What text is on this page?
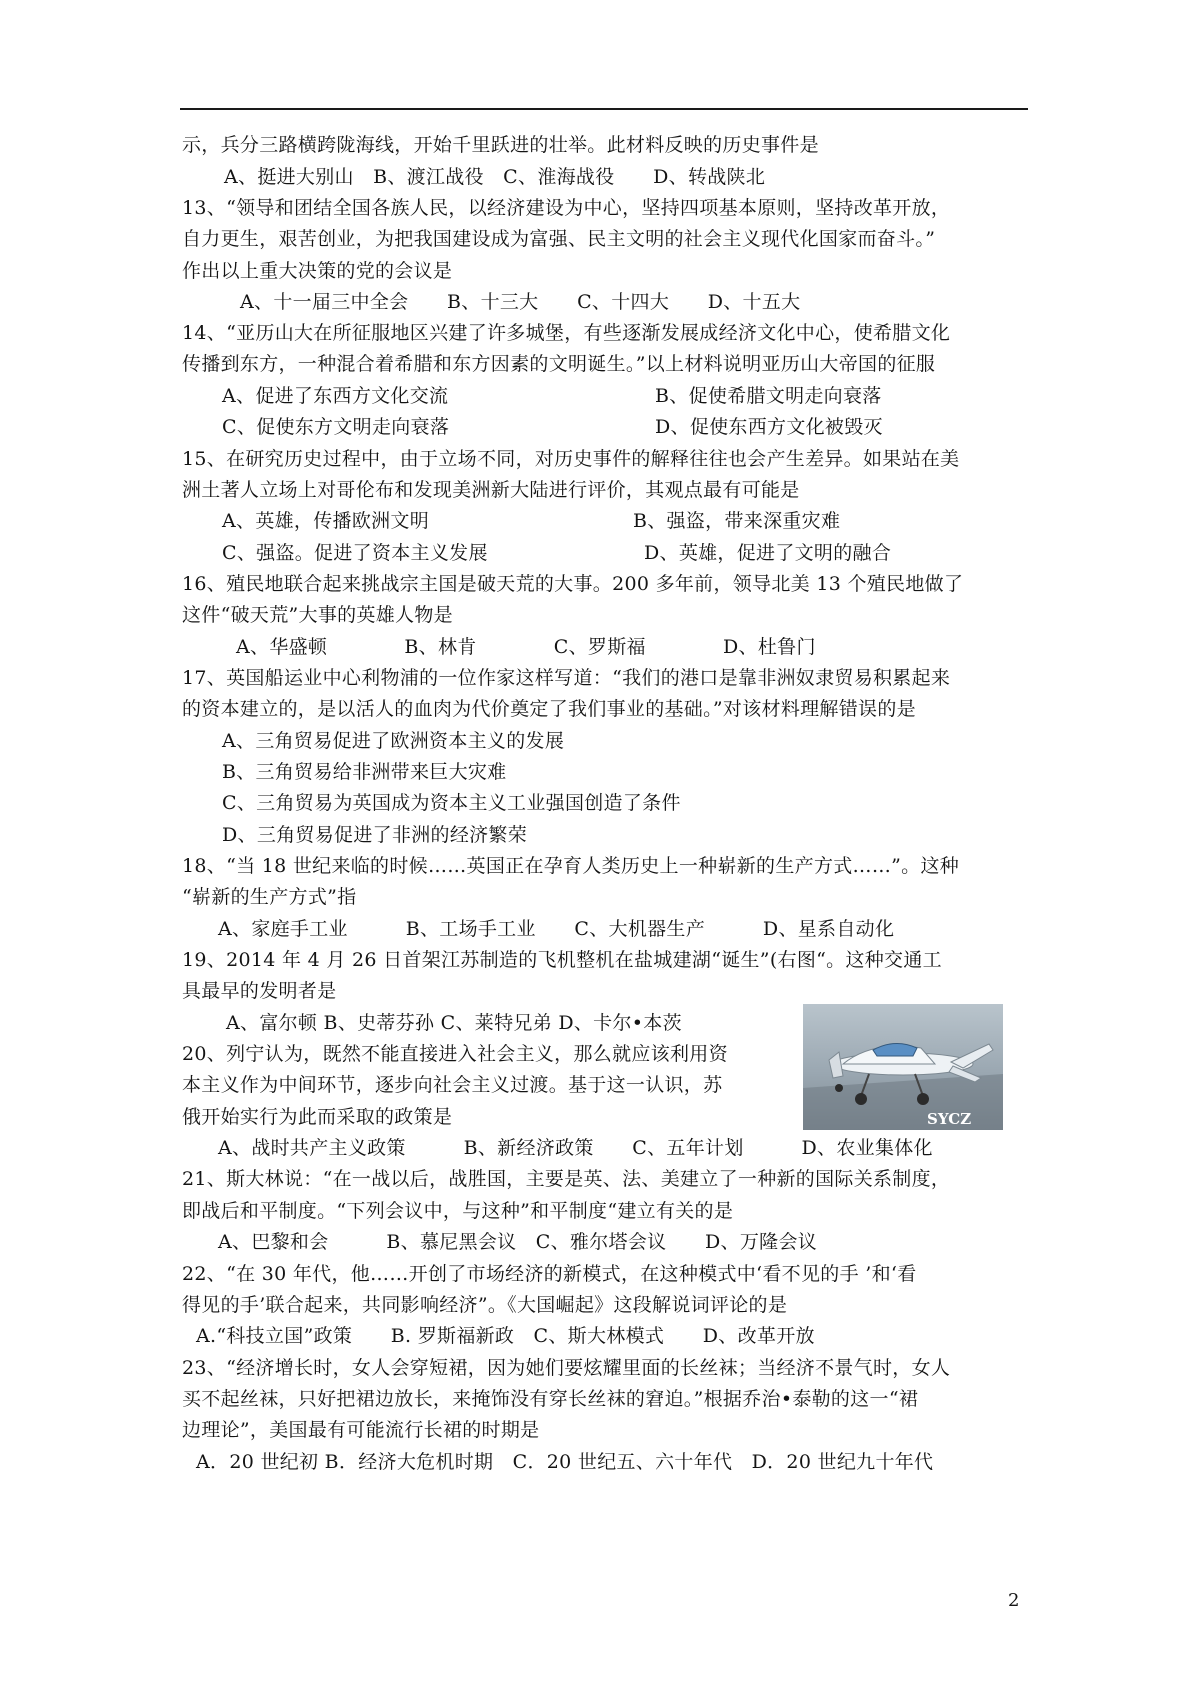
示，兵分三路横跨陇海线，开始千里跃进的壮举。此材料反映的历史事件是
A、挺进大别山　B、渡江战役　C、淮海战役　　D、转战陕北
13、“领导和团结全国各族人民，以经济建设为中心，坚持四项基本原则，坚持改革开放，
自力更生，艰苦创业，为把我国建设成为富强、民主文明的社会主义现代化国家而奋斗。”
作出以上重大决策的党的会议是
A、十一届三中全会　　B、十三大　　C、十四大　　D、十五大
14、“亚历山大在所征服地区兴建了许多城堡，有些逐渐发展成经济文化中心，使希腊文化
传播到东方，一种混合着希腊和东方因素的文明诞生。”以上材料说明亚历山大帝国的征服
A、促进了东西方文化交流	B、促使希腊文明走向衰落
C、促使东方文明走向衰落	D、促使东西方文化被毁灭
15、在研究历史过程中，由于立场不同，对历史事件的解释往往也会产生差异。如果站在美
洲土著人立场上对哥伦布和发现美洲新大陆进行评价，其观点最有可能是
A、英雄，传播欧洲文明	B、强盗，带来深重灾难
C、强盗。促进了资本主义发展	D、英雄，促进了文明的融合
16、殖民地联合起来挑战宗主国是破天荒的大事。200 多年前，领导北美 13 个殖民地做了
这件“破天荒”大事的英雄人物是
A、华盛顿　　　　B、林肯　　　　C、罗斯福　　　　D、杜鲁门
17、英国船运业中心利物浦的一位作家这样写道：“我们的港口是靠非洲奴隶贸易积累起来
的资本建立的，是以活人的血肉为代价奠定了我们事业的基础。”对该材料理解错误的是
A、三角贸易促进了欧洲资本主义的发展
B、三角贸易给非洲带来巨大灾难
C、三角贸易为英国成为资本主义工业强国创造了条件
D、三角贸易促进了非洲的经济繁荣
18、“当 18 世纪来临的时候……英国正在孕育人类历史上一种崭新的生产方式……”。这种
“崭新的生产方式”指
A、家庭手工业　　　B、工场手工业　　C、大机器生产　　　D、星系自动化
19、2014 年 4 月 26 日首架江苏制造的飞机整机在盐城建湖“诞生”(右图“。这种交通工
具最早的发明者是
A、富尔顿 B、史蒂芬孙 C、莱特兄弟 D、卡尔•本茨
20、列宁认为，既然不能直接进入社会主义，那么就应该利用资
本主义作为中间环节，逐步向社会主义过渡。基于这一认识，苏
俄开始实行为此而采取的政策是
A、战时共产主义政策　　　B、新经济政策　　C、五年计划　　　D、农业集体化
21、斯大林说：“在一战以后，战胜国，主要是英、法、美建立了一种新的国际关系制度，
即战后和平制度。“下列会议中，与这种”和平制度“建立有关的是
A、巴黎和会　　　B、慕尼黑会议　C、雅尔塔会议　　D、万隆会议
22、“在 30 年代，他……开创了市场经济的新模式，在这种模式中‘看不见的手 ’和‘看
得见的手’联合起来，共同影响经济”。《大国崛起》这段解说词评论的是
A.“科技立国”政策　　B. 罗斯福新政　C、斯大林模式　　D、改革开放
23、“经济增长时，女人会穿短裙，因为她们要炫耀里面的长丝袜；当经济不景气时，女人
买不起丝袜，只好把裙边放长，来掩饰没有穿长丝袜的窘迫。”根据乔治•泰勒的这一“裙
边理论”，美国最有可能流行长裙的时期是
A．20 世纪初 B．经济大危机时期　C．20 世纪五、六十年代　D．20 世纪九十年代
SYCZ
2
